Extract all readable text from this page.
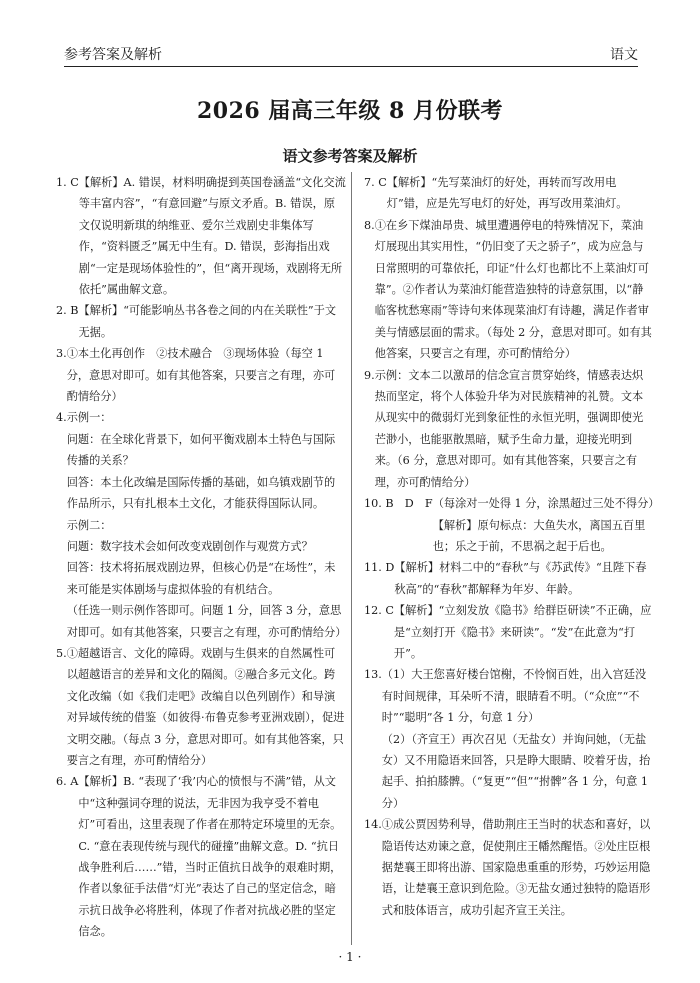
参考答案及解析	语文
2026 届高三年级 8 月份联考
语文参考答案及解析
1. C 【解析】A. 错误，材料明确提到英国卷涵盖“文化交流等丰富内容”，“有意回避”与原文矛盾。B. 错误，原文仅说明新琪的纳维亚、爱尔兰戏剧史非集体写作，“资料匮乏”属无中生有。D. 错误，彭海指出戏剧“一定是现场体验性的”，但“离开现场，戏剧将无所依托”属曲解文意。

2. B 【解析】“可能影响丛书各卷之间的内在关联性”于文无据。

3. ①本土化再创作　②技术融合　③现场体验（每空 1 分，意思对即可。如有其他答案，只要言之有理，亦可酌情给分）

4. 示例一：

问题：在全球化背景下，如何平衡戏剧本土特色与国际传播的关系？

回答：本土化改编是国际传播的基础，如乌镇戏剧节的作品所示，只有扎根本土文化，才能获得国际认同。

示例二：

问题：数字技术会如何改变戏剧创作与观赏方式？

回答：技术将拓展戏剧边界，但核心仍是“在场性”，未来可能是实体剧场与虚拟体验的有机结合。

（任选一则示例作答即可。问题 1 分，回答 3 分，意思对即可。如有其他答案，只要言之有理，亦可酌情给分）

5. ①超越语言、文化的障碍。戏剧与生俱来的自然属性可以超越语言的差异和文化的隔阂。②融合多元文化。跨文化改编（如《我们走吧》改编自以色列剧作）和导演对异域传统的借鉴（如彼得·布鲁克参考亚洲戏剧），促进文明交融。（每点 3 分，意思对即可。如有其他答案，只要言之有理，亦可酌情给分）

6. A 【解析】B. “表现了‘我’内心的愤恨与不满”错，从文中“这种强词夺理的说法，无非因为我亨受不着电灯”可看出，这里表现了作者在那特定环境里的无奈。C. “意在表现传统与现代的碰撞”曲解文意。D. “抗日战争胜利后……”错，当时正值抗日战争的艰难时期，作者以象征手法借“灯光”表达了自己的坚定信念，暗示抗日战争必将胜利，体现了作者对抗战必胜的坚定信念。

7. C 【解析】“先写菜油灯的好处，再转而写改用电灯”错，应是先写电灯的好处，再写改用菜油灯。

8. ①在乡下煤油昂贵、城里遭遇停电的特殊情况下，菜油灯展现出其实用性，“仍旧变了天之骄子”，成为应急与日常照明的可靠依托，印证“什么灯也都比不上菜油灯可靠”。②作者认为菜油灯能营造独特的诗意氛围，以“静临客枕愁寒雨”等诗句来体现菜油灯有诗趣，满足作者审美与情感层面的需求。（每处 2 分，意思对即可。如有其他答案，只要言之有理，亦可酌情给分）

9. 示例：文本二以激昂的信念宣言贯穿始终，情感表达炽热而坚定，将个人体验升华为对民族精神的礼赞。文本从现实中的微弱灯光到象征性的永恒光明，强调即使光芒渺小，也能驱散黑暗，赋予生命力量，迎接光明到来。（6 分，意思对即可。如有其他答案，只要言之有理，亦可酌情给分）

10. B　D　F （每涂对一处得 1 分，涂黑超过三处不得分）

【解析】原句标点：大鱼失水，离国五百里也；乐之于前，不思祸之起于后也。

11. D 【解析】材料二中的“春秋”与《苏武传》“且陛下春秋高”的“春秋”都解释为年岁、年龄。

12. C 【解析】“立刻发放《隐书》给群臣研读”不正确，应是“立刻打开《隐书》来研读”。“发”在此意为“打开”。

13. （1）大王您喜好楼台馆榭，不怜悯百姓，出入宫廷没有时间规律，耳朵听不清，眼睛看不明。（“众庶”“不时”“聪明”各 1 分，句意 1 分）

（2）（齐宣王）再次召见（无盐女）并询问她，（无盐女）又不用隐语来回答，只是睁大眼睛、咬着牙齿，抬起手、拍拍膝髀。（“复更”“但”“拊髀”各 1 分，句意 1 分）

14. ①成公贾因势利导，借助荆庄王当时的状态和喜好，以隐语传达劝谏之意，促使荆庄王幡然醒悟。②处庄臣根据楚襄王即将出游、国家隐患重重的形势，巧妙运用隐语，让楚襄王意识到危险。③无盐女通过独特的隐语形式和肢体语言，成功引起齐宣王关注。

· 1 ·
